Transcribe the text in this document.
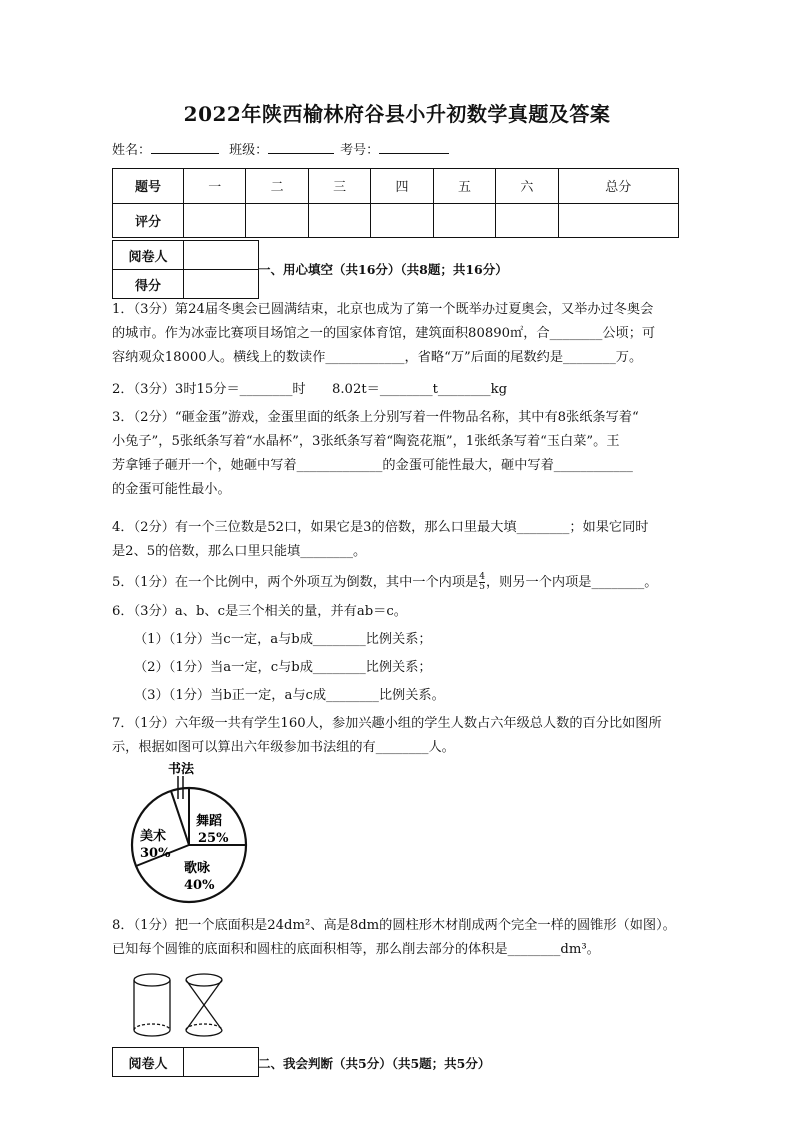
2022年陕西榆林府谷县小升初数学真题及答案
姓名：	班级：	考号：
题号	一	二	三	四	五	六	总分
评分							
阅卷人	
得分	
一、用心填空（共16分）（共8题；共16分）
1．（3分）第24届冬奥会已圆满结束，北京也成为了第一个既举办过夏奥会，又举办过冬奥会
的城市。作为冰壶比赛项目场馆之一的国家体育馆，建筑面积80890㎡，合________公顷；可
容纳观众18000人。横线上的数读作____________，省略“万”后面的尾数约是________万。
2．（3分）3时15分＝________时　　8.02t＝________t________kg
3．（2分）“砸金蛋”游戏，金蛋里面的纸条上分别写着一件物品名称，其中有8张纸条写着“
小兔子”，5张纸条写着“水晶杯”，3张纸条写着“陶瓷花瓶”，1张纸条写着“玉白菜”。王
芳拿锤子砸开一个，她砸中写着_____________的金蛋可能性最大，砸中写着____________
的金蛋可能性最小。
4．（2分）有一个三位数是52口，如果它是3的倍数，那么口里最大填________；如果它同时
是2、5的倍数，那么口里只能填________。
5．（1分）在一个比例中，两个外项互为倒数，其中一个内项是 $\frac{4}{5}$ ，则另一个内项是________。
6．（3分）a、b、c是三个相关的量，并有ab＝c。
（1）（1分）当c一定，a与b成________比例关系；
（2）（1分）当a一定，c与b成________比例关系；
（3）（1分）当b正一定，a与c成________比例关系。
7．（1分）六年级一共有学生160人，参加兴趣小组的学生人数占六年级总人数的百分比如图所
示，根据如图可以算出六年级参加书法组的有________人。
书法
舞蹈
25%
美术
30%
歌咏
40%
8．（1分）把一个底面积是24dm²、高是8dm的圆柱形木材削成两个完全一样的圆锥形（如图）。
已知每个圆锥的底面积和圆柱的底面积相等，那么削去部分的体积是________dm³。
阅卷人		二、我会判断（共5分）（共5题；共5分）
